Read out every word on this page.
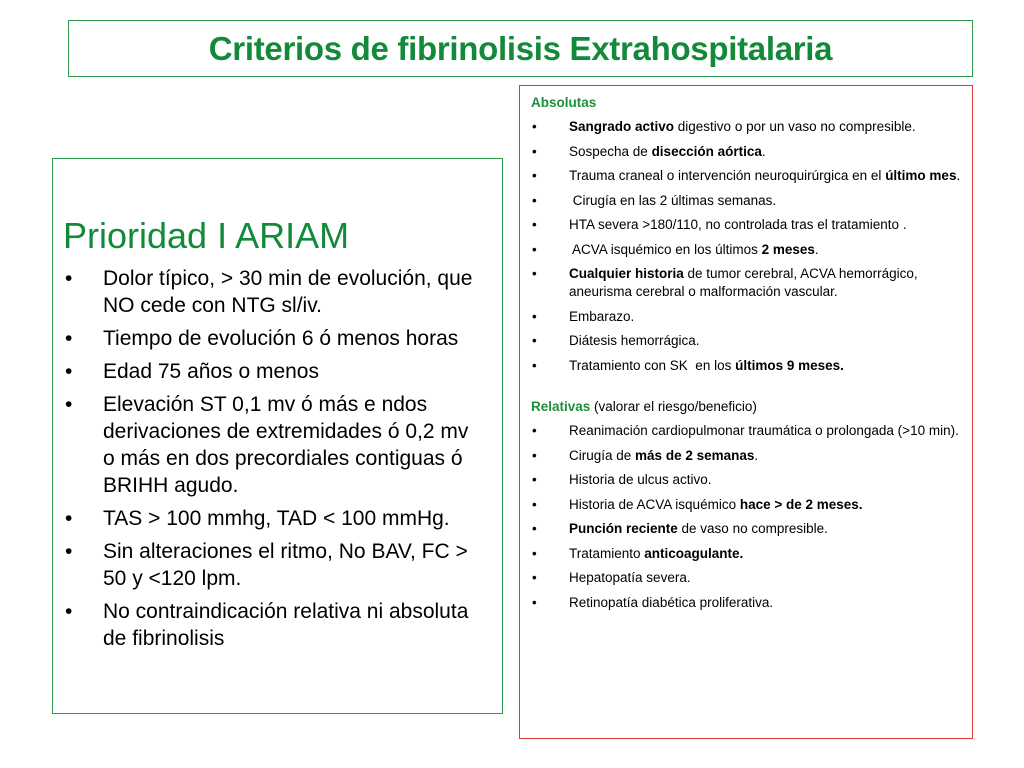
Criterios de fibrinolisis Extrahospitalaria
Prioridad I ARIAM
• Dolor típico, > 30 min de evolución, que NO cede con NTG sl/iv.
• Tiempo de evolución 6 ó menos horas
• Edad 75 años o menos
• Elevación ST 0,1 mv ó más e ndos derivaciones de extremidades ó 0,2 mv o más en dos precordiales contiguas ó BRIHH agudo.
• TAS > 100 mmhg, TAD < 100 mmHg.
• Sin alteraciones el ritmo, No BAV, FC > 50 y <120 lpm.
• No contraindicación relativa ni absoluta de fibrinolisis

Absolutas

• Sangrado activo digestivo o por un vaso no compresible.
• Sospecha de disección aórtica.
• Trauma craneal o intervención neuroquirúrgica en el último mes.
• Cirugía en las 2 últimas semanas.
• HTA severa >180/110, no controlada tras el tratamiento .
• ACVA isquémico en los últimos 2 meses.
• Cualquier historia de tumor cerebral, ACVA hemorrágico, aneurisma cerebral o malformación vascular.
• Embarazo.
• Diátesis hemorrágica.
• Tratamiento con SK  en los últimos 9 meses.

Relativas (valorar el riesgo/beneficio)

• Reanimación cardiopulmonar traumática o prolongada (>10 min).
• Cirugía de más de 2 semanas.
• Historia de ulcus activo.
• Historia de ACVA isquémico hace > de 2 meses.
• Punción reciente de vaso no compresible.
• Tratamiento anticoagulante.
• Hepatopatía severa.
• Retinopatía diabética proliferativa.
